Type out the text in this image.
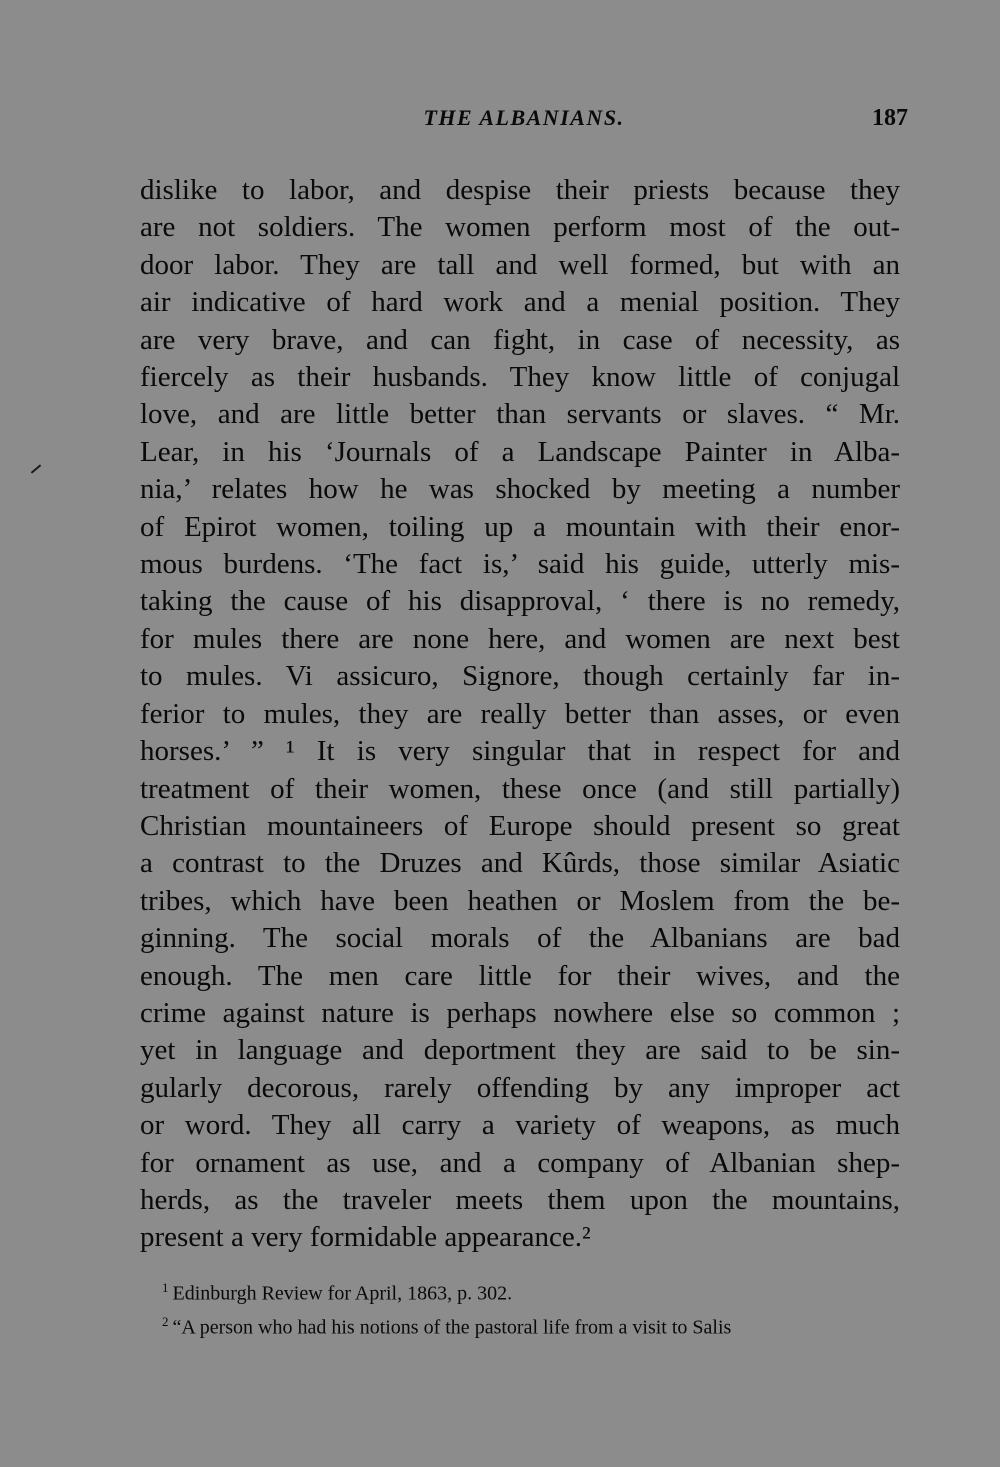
THE ALBANIANS.	187
dislike to labor, and despise their priests because they
are not soldiers. The women perform most of the out-
door labor. They are tall and well formed, but with an
air indicative of hard work and a menial position. They
are very brave, and can fight, in case of necessity, as
fiercely as their husbands. They know little of conjugal
love, and are little better than servants or slaves. “ Mr.
Lear, in his ‘Journals of a Landscape Painter in Alba-
nia,’ relates how he was shocked by meeting a number
of Epirot women, toiling up a mountain with their enor-
mous burdens. ‘The fact is,’ said his guide, utterly mis-
taking the cause of his disapproval, ‘ there is no remedy,
for mules there are none here, and women are next best
to mules. Vi assicuro, Signore, though certainly far in-
ferior to mules, they are really better than asses, or even
horses.’ ” ¹ It is very singular that in respect for and
treatment of their women, these once (and still partially)
Christian mountaineers of Europe should present so great
a contrast to the Druzes and Kûrds, those similar Asiatic
tribes, which have been heathen or Moslem from the be-
ginning. The social morals of the Albanians are bad
enough. The men care little for their wives, and the
crime against nature is perhaps nowhere else so common ;
yet in language and deportment they are said to be sin-
gularly decorous, rarely offending by any improper act
or word. They all carry a variety of weapons, as much
for ornament as use, and a company of Albanian shep-
herds, as the traveler meets them upon the mountains,
present a very formidable appearance.²
$^1$ Edinburgh Review for April, 1863, p. 302.
$^2$ “A person who had his notions of the pastoral life from a visit to Salis
